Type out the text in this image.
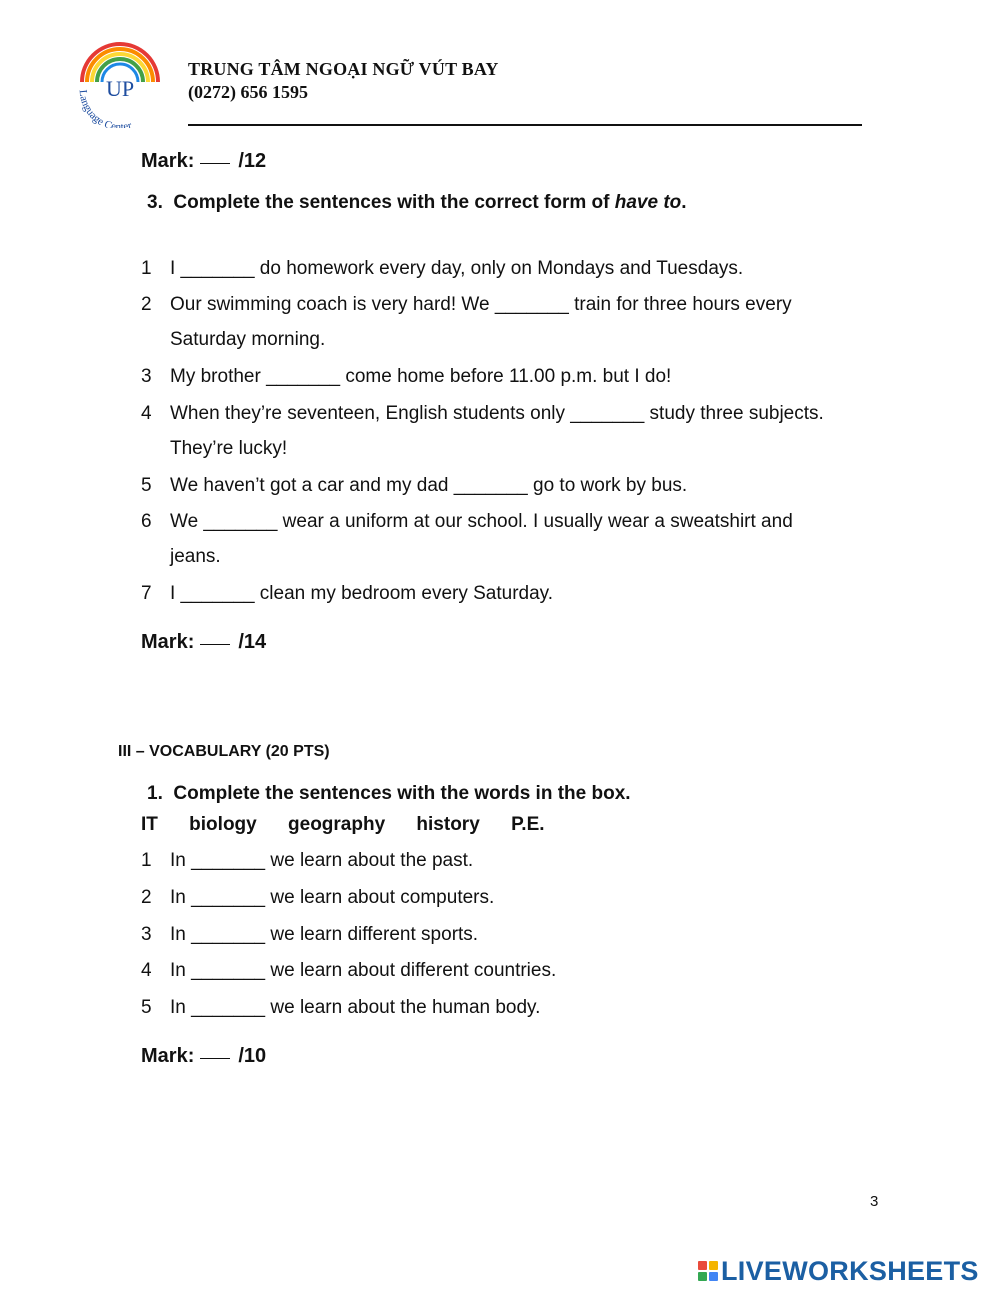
UP
Language Center
TRUNG TÂM NGOẠI NGỮ VÚT BAY
(0272) 656 1595
Mark: /12
3. Complete the sentences with the correct form of have to.
1 I _______ do homework every day, only on Mondays and Tuesdays.
2 Our swimming coach is very hard! We _______ train for three hours every
Saturday morning.
3 My brother _______ come home before 11.00 p.m. but I do!
4 When they’re seventeen, English students only _______ study three subjects.
They’re lucky!
5 We haven’t got a car and my dad _______ go to work by bus.
6 We _______ wear a uniform at our school. I usually wear a sweatshirt and
jeans.
7 I _______ clean my bedroom every Saturday.
Mark: /14
III – VOCABULARY (20 PTS)
1. Complete the sentences with the words in the box.
IT biology geography history P.E.
1 In _______ we learn about the past.
2 In _______ we learn about computers.
3 In _______ we learn different sports.
4 In _______ we learn about different countries.
5 In _______ we learn about the human body.
Mark: /10
3
LIVEWORKSHEETS
